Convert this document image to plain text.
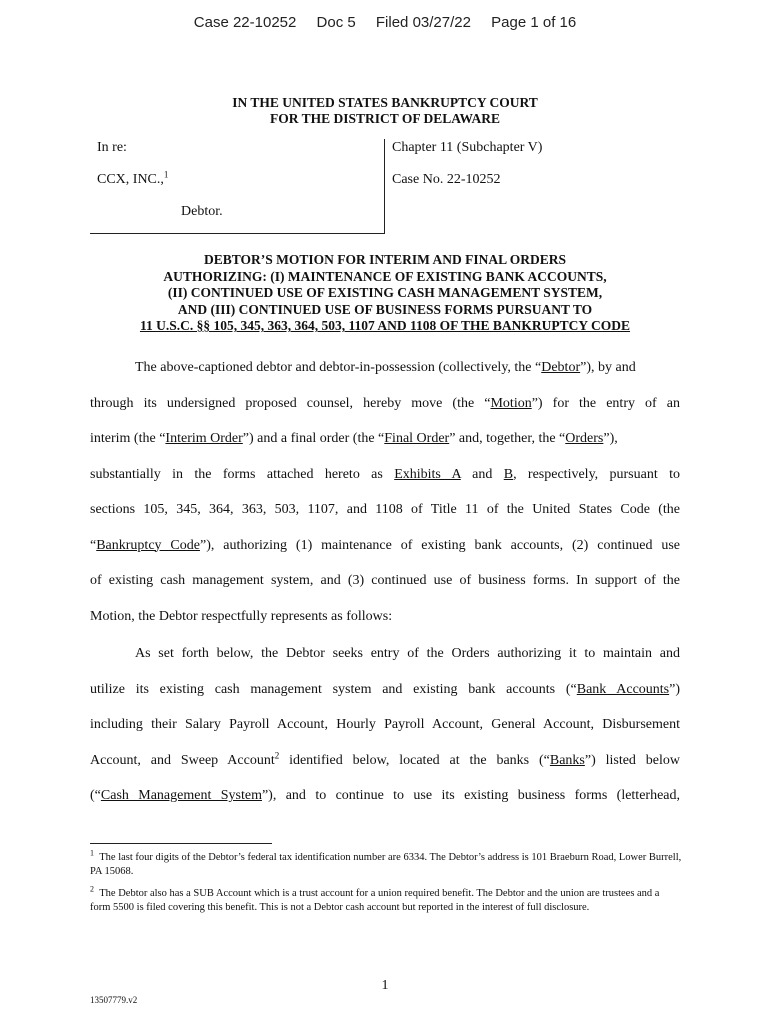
Case 22-10252 Doc 5 Filed 03/27/22 Page 1 of 16
IN THE UNITED STATES BANKRUPTCY COURT
FOR THE DISTRICT OF DELAWARE
In re:
CCX, INC.,$^1$
Debtor.
Chapter 11 (Subchapter V)
Case No. 22-10252
DEBTOR’S MOTION FOR INTERIM AND FINAL ORDERS
AUTHORIZING: (I) MAINTENANCE OF EXISTING BANK ACCOUNTS,
(II) CONTINUED USE OF EXISTING CASH MANAGEMENT SYSTEM,
AND (III) CONTINUED USE OF BUSINESS FORMS PURSUANT TO
11 U.S.C. §§ 105, 345, 363, 364, 503, 1107 AND 1108 OF THE BANKRUPTCY CODE
The above-captioned debtor and debtor-in-possession (collectively, the “Debtor”), by and
through its undersigned proposed counsel, hereby move (the “Motion”) for the entry of an
interim (the “Interim Order”) and a final order (the “Final Order” and, together, the “Orders”),
substantially in the forms attached hereto as Exhibits A and B, respectively, pursuant to
sections 105, 345, 364, 363, 503, 1107, and 1108 of Title 11 of the United States Code (the
“Bankruptcy Code”), authorizing (1) maintenance of existing bank accounts, (2) continued use
of existing cash management system, and (3) continued use of business forms. In support of the
Motion, the Debtor respectfully represents as follows:
As set forth below, the Debtor seeks entry of the Orders authorizing it to maintain and
utilize its existing cash management system and existing bank accounts (“Bank Accounts”)
including their Salary Payroll Account, Hourly Payroll Account, General Account, Disbursement
Account, and Sweep Account$^2$ identified below, located at the banks (“Banks”) listed below
(“Cash Management System”), and to continue to use its existing business forms (letterhead,
$^1$ The last four digits of the Debtor’s federal tax identification number are 6334. The Debtor’s address is 101 Braeburn Road, Lower Burrell, PA 15068.
$^2$ The Debtor also has a SUB Account which is a trust account for a union required benefit. The Debtor and the union are trustees and a form 5500 is filed covering this benefit. This is not a Debtor cash account but reported in the interest of full disclosure.
1
13507779.v2
